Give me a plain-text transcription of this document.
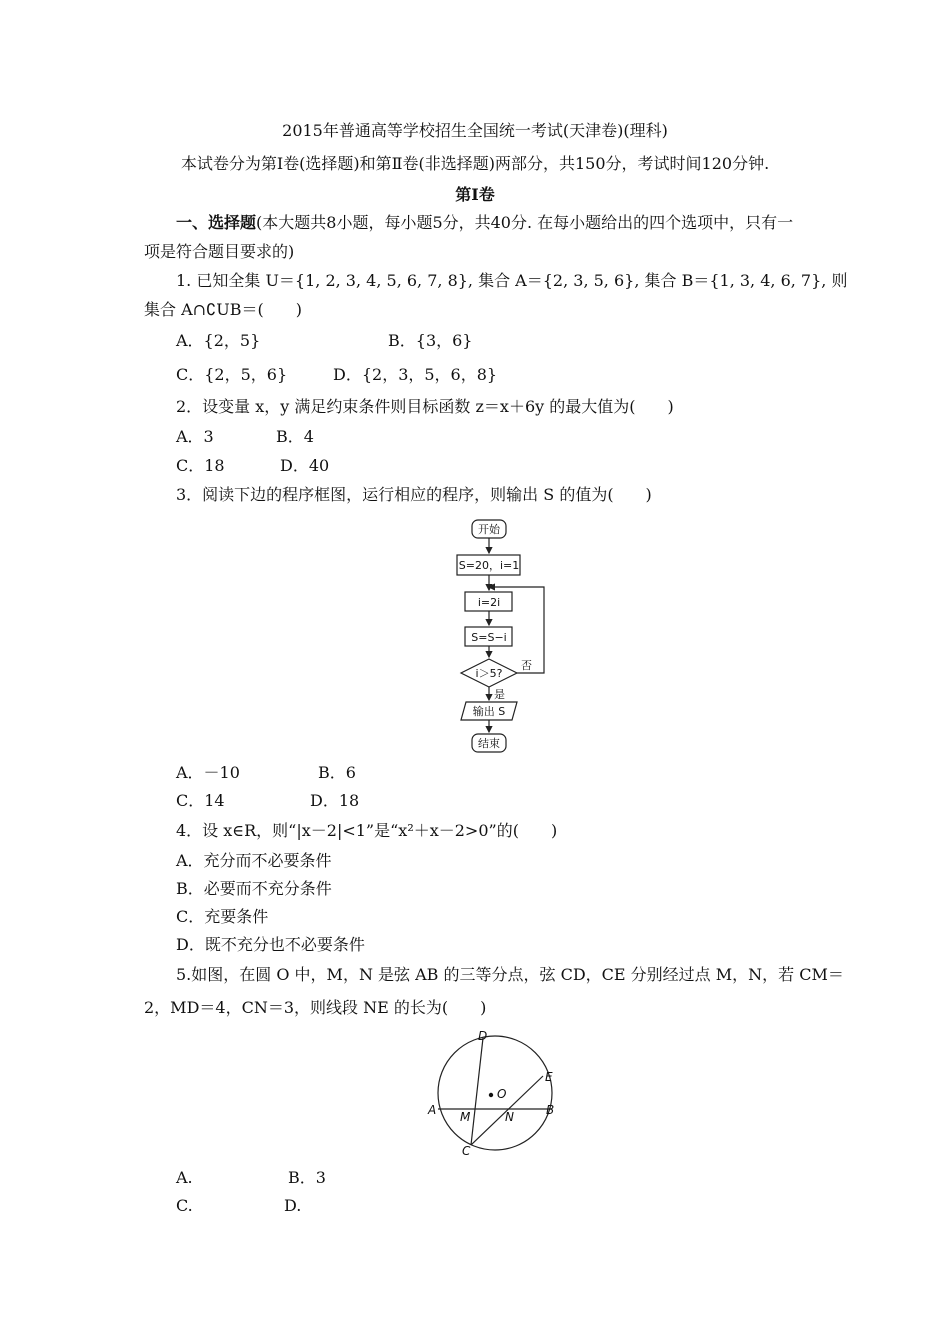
2015年普通高等学校招生全国统一考试(天津卷)(理科)
本试卷分为第Ⅰ卷(选择题)和第Ⅱ卷(非选择题)两部分，共150分，考试时间120分钟.
第Ⅰ卷
一、选择题(本大题共8小题，每小题5分，共40分. 在每小题给出的四个选项中，只有一
项是符合题目要求的)
1. 已知全集 U＝{1, 2, 3, 4, 5, 6, 7, 8}, 集合 A＝{2, 3, 5, 6}, 集合 B＝{1, 3, 4, 6, 7}, 则
集合 A∩∁UB＝(　　)
A．{2，5}	B．{3，6}
C．{2，5，6}	D．{2，3，5，6，8}
2．设变量 x，y 满足约束条件则目标函数 z＝x＋6y 的最大值为(　　)
A．3	B．4
C．18	D．40
3．阅读下边的程序框图，运行相应的程序，则输出 S 的值为(　　)
开始
S=20，i=1
i=2i
S=S−i
i＞5?
否
是
输出 S
结束
A．－10	B．6
C．14	D．18
4．设 x∈R，则“|x－2|<1”是“x²＋x－2>0”的(　　)
A．充分而不必要条件
B．必要而不充分条件
C．充要条件
D．既不充分也不必要条件
5.如图，在圆 O 中，M，N 是弦 AB 的三等分点，弦 CD，CE 分别经过点 M，N，若 CM＝
2，MD＝4，CN＝3，则线段 NE 的长为(　　)
D
E
O
A	B
M	N
C
A.	B．3
C.	D.
